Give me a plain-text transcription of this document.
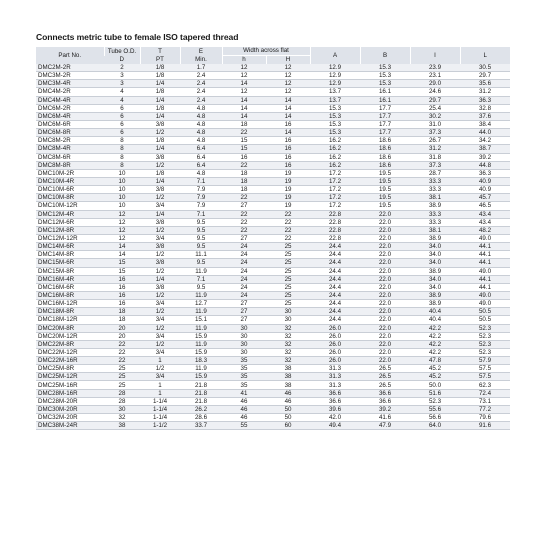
Connects metric tube to female ISO tapered thread
Part No.	Tube O.D.	T	E	Width across flat		A	B	I	L
	D	PT	Min.	h	H				
DMC2M-2R	2	1/8	1.7	12	12	12.9	15.3	23.9	30.5
DMC3M-2R	3	1/8	2.4	12	12	12.9	15.3	23.1	29.7
DMC3M-4R	3	1/4	2.4	14	12	12.9	15.3	29.0	35.6
DMC4M-2R	4	1/8	2.4	12	12	13.7	16.1	24.6	31.2
DMC4M-4R	4	1/4	2.4	14	14	13.7	16.1	29.7	36.3
DMC6M-2R	6	1/8	4.8	14	14	15.3	17.7	25.4	32.8
DMC6M-4R	6	1/4	4.8	14	14	15.3	17.7	30.2	37.6
DMC6M-6R	6	3/8	4.8	18	16	15.3	17.7	31.0	38.4
DMC6M-8R	6	1/2	4.8	22	14	15.3	17.7	37.3	44.0
DMC8M-2R	8	1/8	4.8	15	16	16.2	18.6	26.7	34.2
DMC8M-4R	8	1/4	6.4	15	16	16.2	18.6	31.2	38.7
DMC8M-6R	8	3/8	6.4	16	16	16.2	18.6	31.8	39.2
DMC8M-8R	8	1/2	6.4	22	16	16.2	18.6	37.3	44.8
DMC10M-2R	10	1/8	4.8	18	19	17.2	19.5	28.7	36.3
DMC10M-4R	10	1/4	7.1	18	19	17.2	19.5	33.3	40.9
DMC10M-6R	10	3/8	7.9	18	19	17.2	19.5	33.3	40.9
DMC10M-8R	10	1/2	7.9	22	19	17.2	19.5	38.1	45.7
DMC10M-12R	10	3/4	7.9	27	19	17.2	19.5	38.9	46.5
DMC12M-4R	12	1/4	7.1	22	22	22.8	22.0	33.3	43.4
DMC12M-6R	12	3/8	9.5	22	22	22.8	22.0	33.3	43.4
DMC12M-8R	12	1/2	9.5	22	22	22.8	22.0	38.1	48.2
DMC12M-12R	12	3/4	9.5	27	22	22.8	22.0	38.9	49.0
DMC14M-6R	14	3/8	9.5	24	25	24.4	22.0	34.0	44.1
DMC14M-8R	14	1/2	11.1	24	25	24.4	22.0	34.0	44.1
DMC15M-6R	15	3/8	9.5	24	25	24.4	22.0	34.0	44.1
DMC15M-8R	15	1/2	11.9	24	25	24.4	22.0	38.9	49.0
DMC16M-4R	16	1/4	7.1	24	25	24.4	22.0	34.0	44.1
DMC16M-6R	16	3/8	9.5	24	25	24.4	22.0	34.0	44.1
DMC16M-8R	16	1/2	11.9	24	25	24.4	22.0	38.9	49.0
DMC16M-12R	16	3/4	12.7	27	25	24.4	22.0	38.9	49.0
DMC18M-8R	18	1/2	11.9	27	30	24.4	22.0	40.4	50.5
DMC18M-12R	18	3/4	15.1	27	30	24.4	22.0	40.4	50.5
DMC20M-8R	20	1/2	11.9	30	32	26.0	22.0	42.2	52.3
DMC20M-12R	20	3/4	15.9	30	32	26.0	22.0	42.2	52.3
DMC22M-8R	22	1/2	11.9	30	32	26.0	22.0	42.2	52.3
DMC22M-12R	22	3/4	15.9	30	32	26.0	22.0	42.2	52.3
DMC22M-16R	22	1	18.3	35	32	26.0	22.0	47.8	57.9
DMC25M-8R	25	1/2	11.9	35	38	31.3	26.5	45.2	57.5
DMC25M-12R	25	3/4	15.9	35	38	31.3	26.5	45.2	57.5
DMC25M-16R	25	1	21.8	35	38	31.3	26.5	50.0	62.3
DMC28M-16R	28	1	21.8	41	46	36.6	36.6	51.6	72.4
DMC28M-20R	28	1-1/4	21.8	46	46	36.6	36.6	52.3	73.1
DMC30M-20R	30	1-1/4	26.2	46	50	39.6	39.2	55.6	77.2
DMC32M-20R	32	1-1/4	28.6	46	50	42.0	41.6	56.6	79.6
DMC38M-24R	38	1-1/2	33.7	55	60	49.4	47.9	64.0	91.6
